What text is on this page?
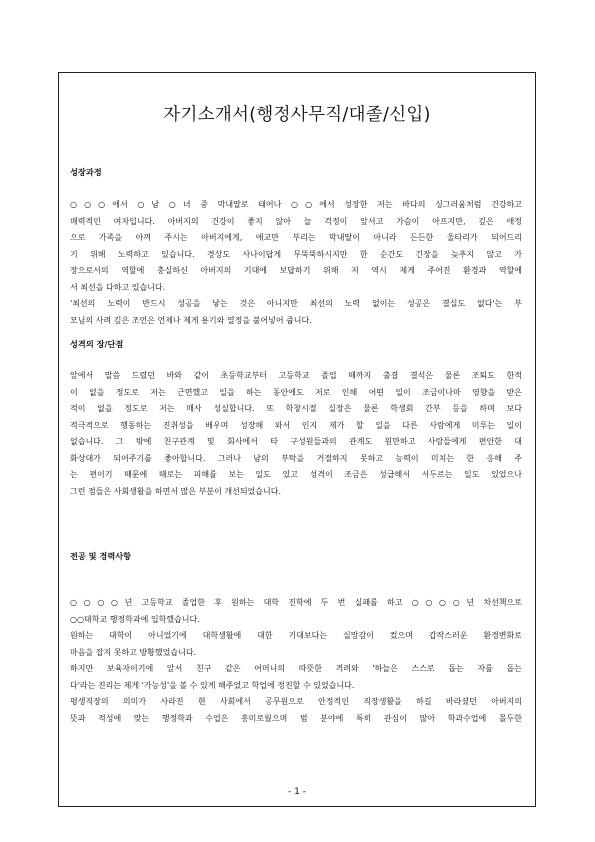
자기소개서(행정사무직/대졸/신입)
성장과정
○○○에서 ○남 ○녀 중 막내딸로 태어나 ○○에서 성장한 저는 바다의 싱그러움처럼 건강하고
매력적인 여자입니다. 아버지의 건강이 좋지 않아 늘 걱정이 앞서고 가슴이 아프지만, 깊은 애정
으로 가족을 아껴 주시는 아버지에게, 애교만 부리는 막내딸이 아니라 든든한 울타리가 되어드리
기 위해 노력하고 있습니다. 경상도 사나이답게 무뚝뚝하시지만 한 순간도 긴장을 늦추지 않고 가
장으로서의 역할에 충실하신 아버지의 기대에 보답하기 위해 저 역시 제게 주어진 환경과 역할에
서 최선을 다하고 있습니다.
'최선의 노력이 반드시 성공을 낳는 것은 아니지만 최선의 노력 없이는 성공은 결실도 없다'는 부
모님의 사려 깊은 조언은 언제나 제게 용기와 열정을 불어넣어 줍니다.
성격의 장/단점
앞에서 말씀 드렸던 바와 같이 초등학교부터 고등학교 졸업 때까지 출결 결석은 물론 조퇴도 한적
이 없을 정도로 저는 근면했고 일을 하는 동안에도 저로 인해 어떤 일이 조금이나마 영향을 받은
적이 없을 정도로 저는 매사 성실합니다. 또 학창시절 실장은 물론 학생회 간부 등을 하며 보다
적극적으로 행동하는 진취성을 배우며 성장해 와서 인지 제가 할 일을 다른 사람에게 미루는 일이
없습니다. 그 밖에 친구관계 및 회사에서 타 구성원들과의 관계도 원만하고 사람들에게 편안한 대
화상대가 되어주기를 좋아합니다. 그러나 남의 부탁을 거절하지 못하고 능력이 미치는 한 응해 주
는 편이기 때문에 때로는 피해를 보는 일도 있고 성격이 조금은 성급해서 서두르는 일도 있었으나
그런 점들은 사회생활을 하면서 많은 부분이 개선되었습니다.
전공 및 경력사항
○○○○년 고등학교 졸업한 후 원하는 대학 진학에 두 번 실패를 하고 ○○○○년 차선책으로
○○대학교 행정학과에 입학했습니다.
원하는 대학이 아니었기에 대학생활에 대한 기대보다는 실망감이 컸으며 갑작스러운 환경변화로
마음을 잡지 못하고 방황했었습니다.
하지만 보육자이기에 앞서 친구 같은 어머니의 따뜻한 격려와 '하늘은 스스로 돕는 자를 돕는
다'라는 진리는 제게 '가능성'을 볼 수 있게 해주었고 학업에 정진할 수 있었습니다.
평생직장의 의미가 사라진 현 사회에서 공무원으로 안정적인 직장생활을 하길 바라셨던 아버지의
뜻과 적성에 맞는 행정학과 수업은 흥미로웠으며 범 분야에 특히 관심이 많아 학과수업에 몰두한
- 1 -
